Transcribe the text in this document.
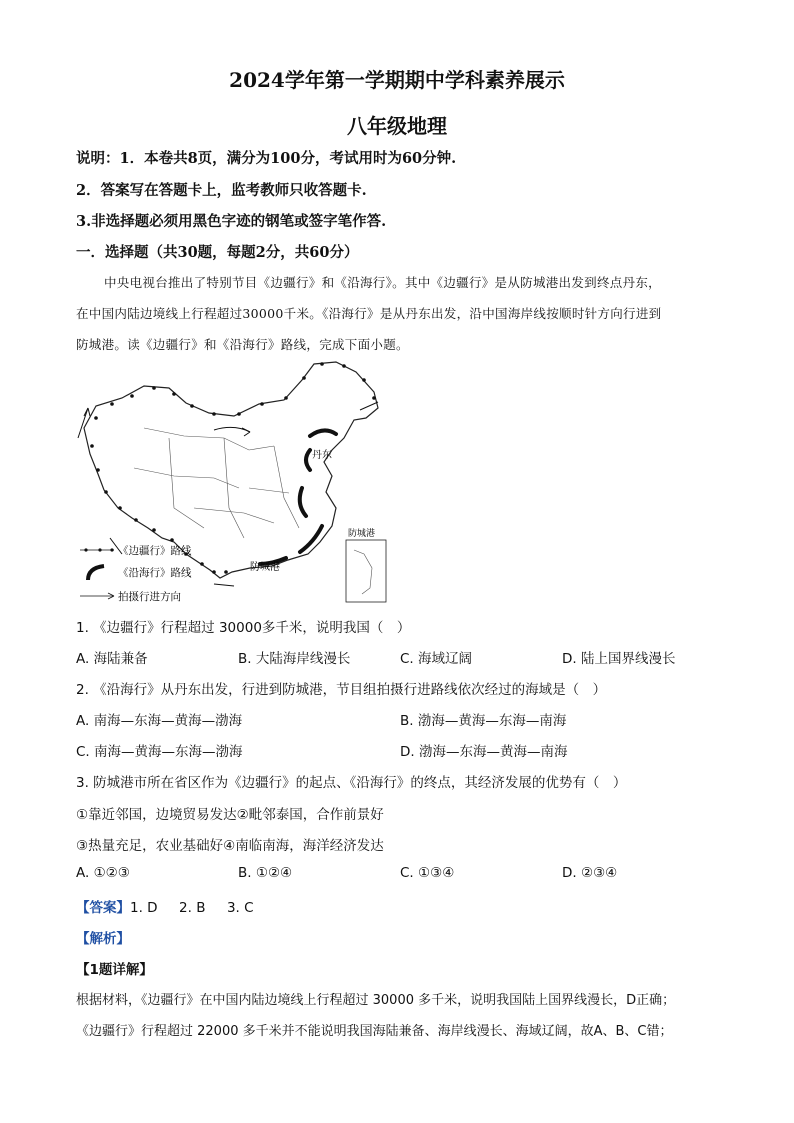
2024学年第一学期期中学科素养展示
八年级地理
说明：1．本卷共8页，满分为100分，考试用时为60分钟.
2．答案写在答题卡上，监考教师只收答题卡.
3.非选择题必须用黑色字迹的钢笔或签字笔作答.
一．选择题（共30题，每题2分，共60分）
中央电视台推出了特别节目《边疆行》和《沿海行》。其中《边疆行》是从防城港出发到终点丹东，
在中国内陆边境线上行程超过30000千米。《沿海行》是从丹东出发，沿中国海岸线按顺时针方向行进到
防城港。读《边疆行》和《沿海行》路线，完成下面小题。
丹东
防城港
防城港
《边疆行》路线
《沿海行》路线
拍摄行进方向
1. 《边疆行》行程超过 30000多千米，说明我国（　）
A. 海陆兼备	B. 大陆海岸线漫长	C. 海域辽阔	D. 陆上国界线漫长
2. 《沿海行》从丹东出发，行进到防城港，节目组拍摄行进路线依次经过的海域是（　）
A. 南海—东海—黄海—渤海	B. 渤海—黄海—东海—南海
C. 南海—黄海—东海—渤海	D. 渤海—东海—黄海—南海
3. 防城港市所在省区作为《边疆行》的起点、《沿海行》的终点，其经济发展的优势有（　）
①靠近邻国，边境贸易发达②毗邻泰国，合作前景好
③热量充足，农业基础好④南临南海，海洋经济发达
A. ①②③	B. ①②④	C. ①③④	D. ②③④
【答案】1. D 2. B 3. C
【解析】
【1题详解】
根据材料，《边疆行》在中国内陆边境线上行程超过 30000 多千米，说明我国陆上国界线漫长，D正确；
《边疆行》行程超过 22000 多千米并不能说明我国海陆兼备、海岸线漫长、海域辽阔，故A、B、C错；
